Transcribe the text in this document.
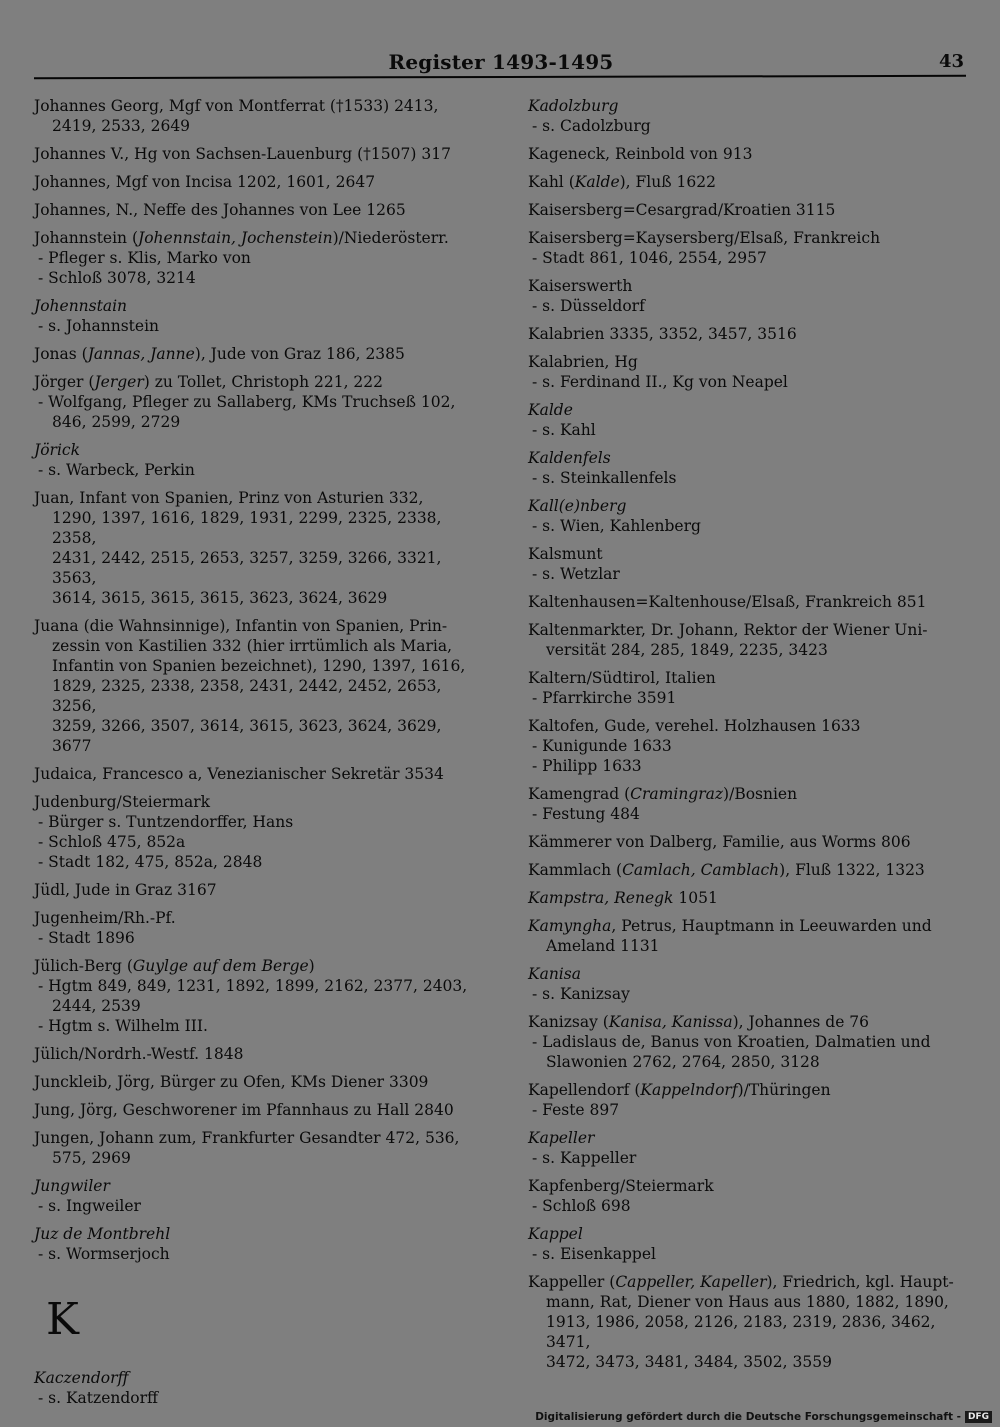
Register 1493-1495	43
Johannes Georg, Mgf von Montferrat (†1533) 2413,
2419, 2533, 2649
Johannes V., Hg von Sachsen-Lauenburg (†1507) 317
Johannes, Mgf von Incisa 1202, 1601, 2647
Johannes, N., Neffe des Johannes von Lee 1265
Johannstein (Johennstain, Jochenstein)/Niederösterr.
- Pfleger s. Klis, Marko von
- Schloß 3078, 3214
Johennstain
- s. Johannstein
Jonas (Jannas, Janne), Jude von Graz 186, 2385
Jörger (Jerger) zu Tollet, Christoph 221, 222
- Wolfgang, Pfleger zu Sallaberg, KMs Truchseß 102,
846, 2599, 2729
Jörick
- s. Warbeck, Perkin
Juan, Infant von Spanien, Prinz von Asturien 332,
1290, 1397, 1616, 1829, 1931, 2299, 2325, 2338, 2358,
2431, 2442, 2515, 2653, 3257, 3259, 3266, 3321, 3563,
3614, 3615, 3615, 3615, 3623, 3624, 3629
Juana (die Wahnsinnige), Infantin von Spanien, Prin-
zessin von Kastilien 332 (hier irrtümlich als Maria,
Infantin von Spanien bezeichnet), 1290, 1397, 1616,
1829, 2325, 2338, 2358, 2431, 2442, 2452, 2653, 3256,
3259, 3266, 3507, 3614, 3615, 3623, 3624, 3629, 3677
Judaica, Francesco a, Venezianischer Sekretär 3534
Judenburg/Steiermark
- Bürger s. Tuntzendorffer, Hans
- Schloß 475, 852a
- Stadt 182, 475, 852a, 2848
Jüdl, Jude in Graz 3167
Jugenheim/Rh.-Pf.
- Stadt 1896
Jülich-Berg (Guylge auf dem Berge)
- Hgtm 849, 849, 1231, 1892, 1899, 2162, 2377, 2403,
2444, 2539
- Hgtm s. Wilhelm III.
Jülich/Nordrh.-Westf. 1848
Junckleib, Jörg, Bürger zu Ofen, KMs Diener 3309
Jung, Jörg, Geschworener im Pfannhaus zu Hall 2840
Jungen, Johann zum, Frankfurter Gesandter 472, 536,
575, 2969
Jungwiler
- s. Ingweiler
Juz de Montbrehl
- s. Wormserjoch
K
Kaczendorff
- s. Katzendorff
Kadolzburg
- s. Cadolzburg
Kageneck, Reinbold von 913
Kahl (Kalde), Fluß 1622
Kaisersberg=Cesargrad/Kroatien 3115
Kaisersberg=Kaysersberg/Elsaß, Frankreich
- Stadt 861, 1046, 2554, 2957
Kaiserswerth
- s. Düsseldorf
Kalabrien 3335, 3352, 3457, 3516
Kalabrien, Hg
- s. Ferdinand II., Kg von Neapel
Kalde
- s. Kahl
Kaldenfels
- s. Steinkallenfels
Kall(e)nberg
- s. Wien, Kahlenberg
Kalsmunt
- s. Wetzlar
Kaltenhausen=Kaltenhouse/Elsaß, Frankreich 851
Kaltenmarkter, Dr. Johann, Rektor der Wiener Uni-
versität 284, 285, 1849, 2235, 3423
Kaltern/Südtirol, Italien
- Pfarrkirche 3591
Kaltofen, Gude, verehel. Holzhausen 1633
- Kunigunde 1633
- Philipp 1633
Kamengrad (Cramingraz)/Bosnien
- Festung 484
Kämmerer von Dalberg, Familie, aus Worms 806
Kammlach (Camlach, Camblach), Fluß 1322, 1323
Kampstra, Renegk 1051
Kamyngha, Petrus, Hauptmann in Leeuwarden und
Ameland 1131
Kanisa
- s. Kanizsay
Kanizsay (Kanisa, Kanissa), Johannes de 76
- Ladislaus de, Banus von Kroatien, Dalmatien und
Slawonien 2762, 2764, 2850, 3128
Kapellendorf (Kappelndorf)/Thüringen
- Feste 897
Kapeller
- s. Kappeller
Kapfenberg/Steiermark
- Schloß 698
Kappel
- s. Eisenkappel
Kappeller (Cappeller, Kapeller), Friedrich, kgl. Haupt-
mann, Rat, Diener von Haus aus 1880, 1882, 1890,
1913, 1986, 2058, 2126, 2183, 2319, 2836, 3462, 3471,
3472, 3473, 3481, 3484, 3502, 3559
Digitalisierung gefördert durch die Deutsche Forschungsgemeinschaft - DFG
